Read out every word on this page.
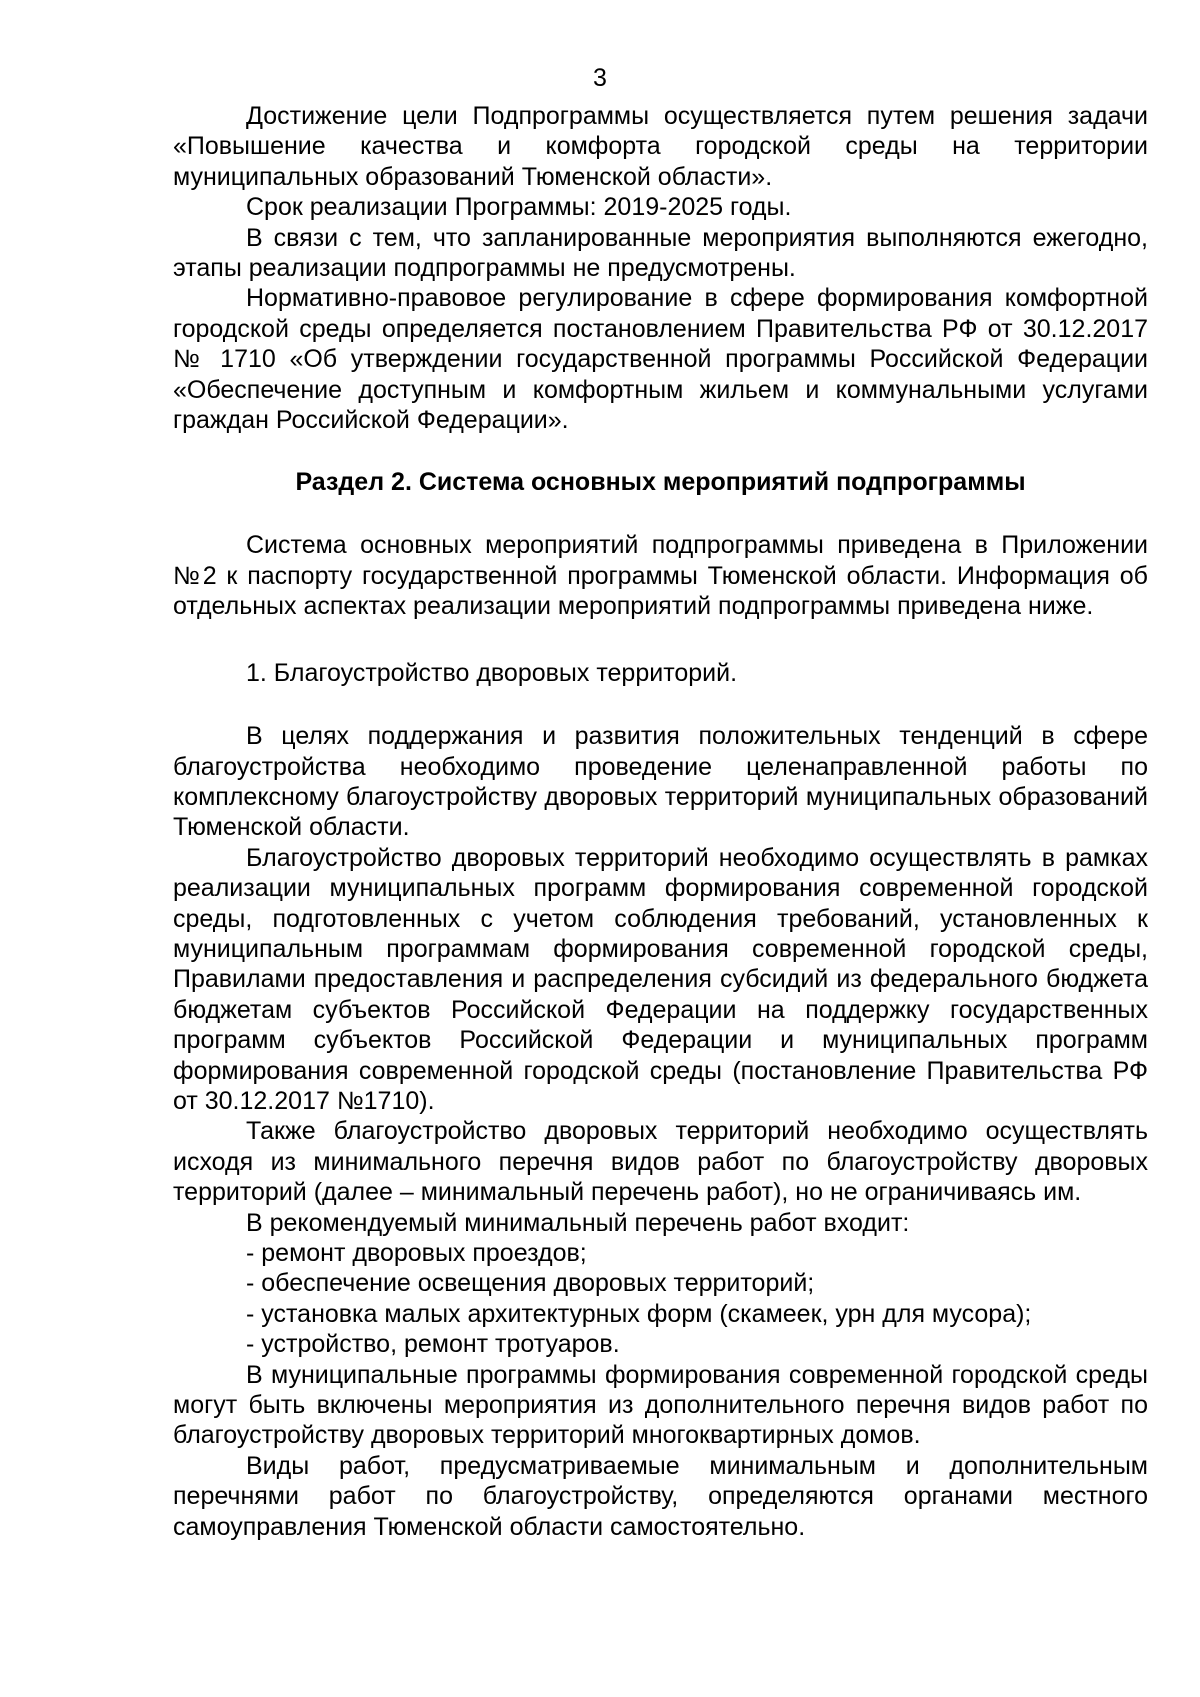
3

Достижение цели Подпрограммы осуществляется путем решения задачи «Повышение качества и комфорта городской среды на территории муниципальных образований Тюменской области».

Срок реализации Программы: 2019-2025 годы.

В связи с тем, что запланированные мероприятия выполняются ежегодно, этапы реализации подпрограммы не предусмотрены.

Нормативно-правовое регулирование в сфере формирования комфортной городской среды определяется постановлением Правительства РФ от 30.12.2017 № 1710 «Об утверждении государственной программы Российской Федерации «Обеспечение доступным и комфортным жильем и коммунальными услугами граждан Российской Федерации».

Раздел 2. Система основных мероприятий подпрограммы

Система основных мероприятий подпрограммы приведена в Приложении №2 к паспорту государственной программы Тюменской области. Информация об отдельных аспектах реализации мероприятий подпрограммы приведена ниже.

1. Благоустройство дворовых территорий.

В целях поддержания и развития положительных тенденций в сфере благоустройства необходимо проведение целенаправленной работы по комплексному благоустройству дворовых территорий муниципальных образований Тюменской области.

Благоустройство дворовых территорий необходимо осуществлять в рамках реализации муниципальных программ формирования современной городской среды, подготовленных с учетом соблюдения требований, установленных к муниципальным программам формирования современной городской среды, Правилами предоставления и распределения субсидий из федерального бюджета бюджетам субъектов Российской Федерации на поддержку государственных программ субъектов Российской Федерации и муниципальных программ формирования современной городской среды (постановление Правительства РФ от 30.12.2017 №1710).

Также благоустройство дворовых территорий необходимо осуществлять исходя из минимального перечня видов работ по благоустройству дворовых территорий (далее – минимальный перечень работ), но не ограничиваясь им.

В рекомендуемый минимальный перечень работ входит:

- ремонт дворовых проездов;
- обеспечение освещения дворовых территорий;
- установка малых архитектурных форм (скамеек, урн для мусора);
- устройство, ремонт тротуаров.

В муниципальные программы формирования современной городской среды могут быть включены мероприятия из дополнительного перечня видов работ по благоустройству дворовых территорий многоквартирных домов.

Виды работ, предусматриваемые минимальным и дополнительным перечнями работ по благоустройству, определяются органами местного самоуправления Тюменской области самостоятельно.
